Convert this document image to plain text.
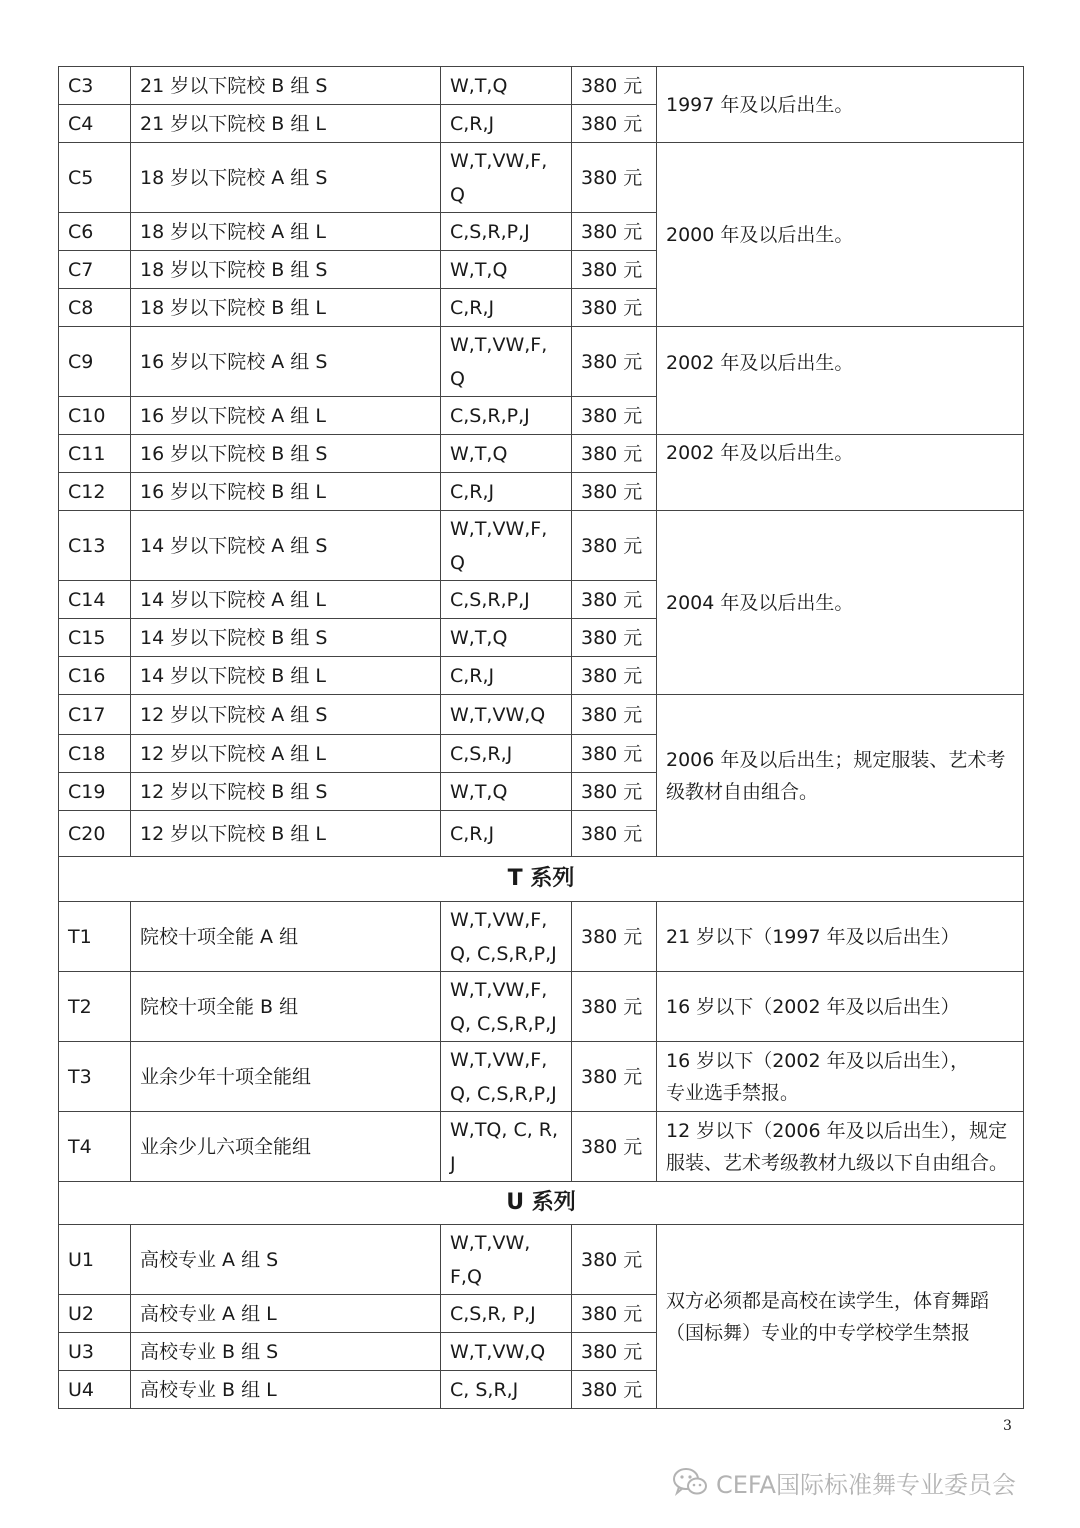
C3	21 岁以下院校 B 组 S	W,T,Q	380 元	1997 年及以后出生。
C4	21 岁以下院校 B 组 L	C,R,J	380 元	
C5	18 岁以下院校 A 组 S	W,T,VW,F, Q	380 元	2000 年及以后出生。
C6	18 岁以下院校 A 组 L	C,S,R,P,J	380 元	
C7	18 岁以下院校 B 组 S	W,T,Q	380 元	
C8	18 岁以下院校 B 组 L	C,R,J	380 元	
C9	16 岁以下院校 A 组 S	W,T,VW,F, Q	380 元	2002 年及以后出生。
C10	16 岁以下院校 A 组 L	C,S,R,P,J	380 元	
C11	16 岁以下院校 B 组 S	W,T,Q	380 元	2002 年及以后出生。
C12	16 岁以下院校 B 组 L	C,R,J	380 元	
C13	14 岁以下院校 A 组 S	W,T,VW,F, Q	380 元	2004 年及以后出生。
C14	14 岁以下院校 A 组 L	C,S,R,P,J	380 元	
C15	14 岁以下院校 B 组 S	W,T,Q	380 元	
C16	14 岁以下院校 B 组 L	C,R,J	380 元	
C17	12 岁以下院校 A 组 S	W,T,VW,Q	380 元	2006 年及以后出生；规定服装、艺术考级教材自由组合。
C18	12 岁以下院校 A 组 L	C,S,R,J	380 元	
C19	12 岁以下院校 B 组 S	W,T,Q	380 元	
C20	12 岁以下院校 B 组 L	C,R,J	380 元	
T 系列				
T1	院校十项全能 A 组	W,T,VW,F, Q, C,S,R,P,J	380 元	21 岁以下（1997 年及以后出生）
T2	院校十项全能 B 组	W,T,VW,F, Q, C,S,R,P,J	380 元	16 岁以下（2002 年及以后出生）
T3	业余少年十项全能组	W,T,VW,F, Q, C,S,R,P,J	380 元	16 岁以下（2002 年及以后出生），
专业选手禁报。

T4	业余少儿六项全能组	W,TQ, C, R, J	380 元	12 岁以下（2006 年及以后出生），规定服装、艺术考级教材九级以下自由组合。
U 系列				
U1	高校专业 A 组 S	W,T,VW, F,Q	380 元	双方必须都是高校在读学生，体育舞蹈（国标舞）专业的中专学校学生禁报
U2	高校专业 A 组 L	C,S,R, P,J	380 元	
U3	高校专业 B 组 S	W,T,VW,Q	380 元	
U4	高校专业 B 组 L	C, S,R,J	380 元	
3
CEFA国际标准舞专业委员会
